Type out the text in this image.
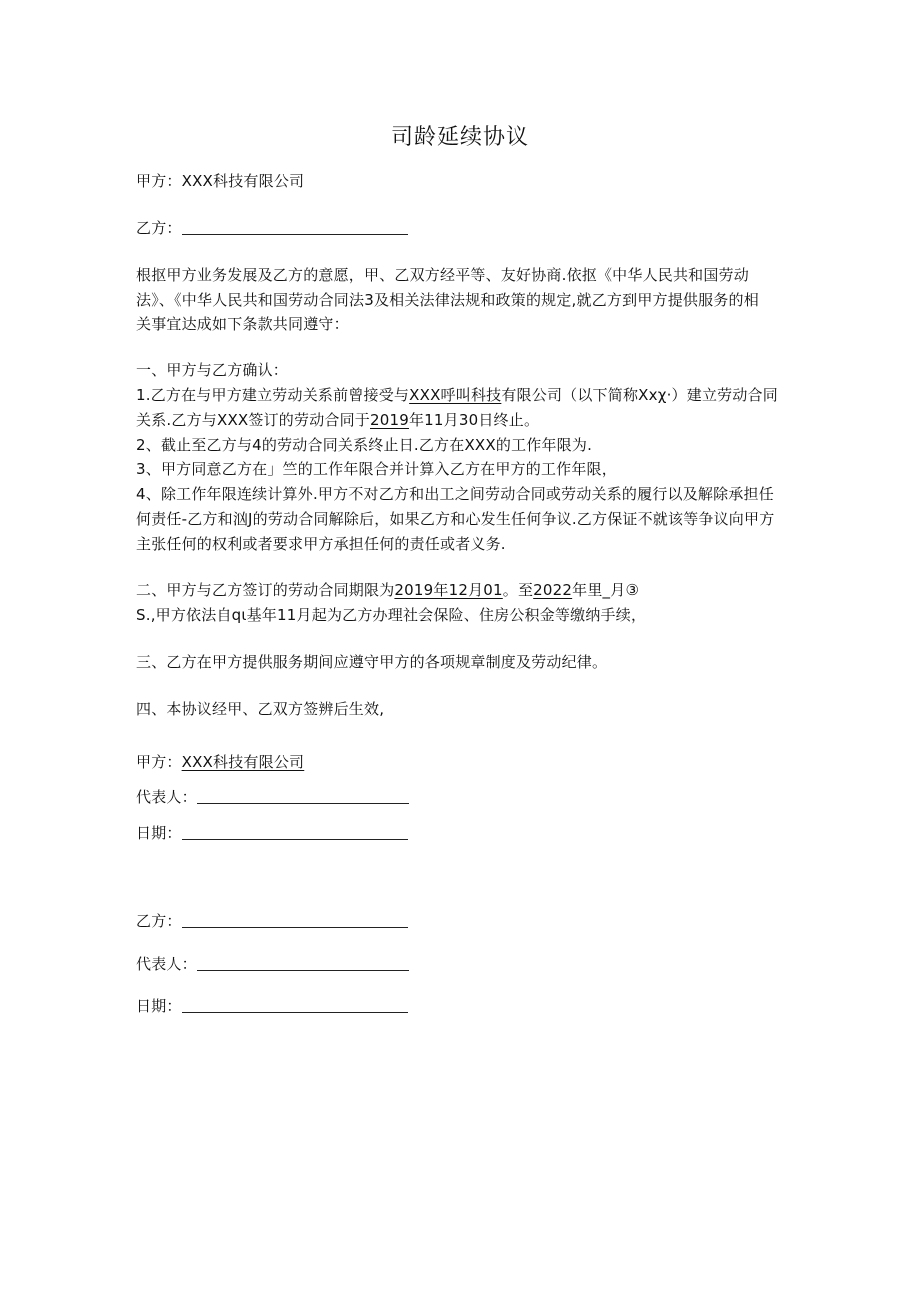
司龄延续协议
甲方：XXX科技有限公司
乙方：
根抠甲方业务发展及乙方的意愿，甲、乙双方经平等、友好协商.依抠《中华人民共和国劳动
法》、《中华人民共和国劳动合同法3及相关法律法规和政策的规定,就乙方到甲方提供服务的相
关事宜达成如下条款共同遵守：
一、甲方与乙方确认：
1.乙方在与甲方建立劳动关系前曾接受与XXX呼叫科技有限公司（以下简称Xxχ·）建立劳动合同
关系.乙方与XXX签订的劳动合同于2019年11月30日终止。
2、截止至乙方与4的劳动合同关系终止日.乙方在XXX的工作年限为.
3、甲方同意乙方在」竺的工作年限合并计算入乙方在甲方的工作年限，
4、除工作年限连续计算外.甲方不对乙方和出工之间劳动合同或劳动关系的履行以及解除承担任
何责任-乙方和汹J的劳动合同解除后，如果乙方和心发生任何争议.乙方保证不就该等争议向甲方
主张任何的权利或者要求甲方承担任何的责任或者义务.
二、甲方与乙方签订的劳动合同期限为2019年12月01。至2022年里_月③
S.,甲方依法自qι基年11月起为乙方办理社会保险、住房公积金等缴纳手续，
三、乙方在甲方提供服务期间应遵守甲方的各项规章制度及劳动纪律。
四、本协议经甲、乙双方签辨后生效,
甲方：XXX科技有限公司
代表人：
日期：
乙方：
代表人：
日期：
